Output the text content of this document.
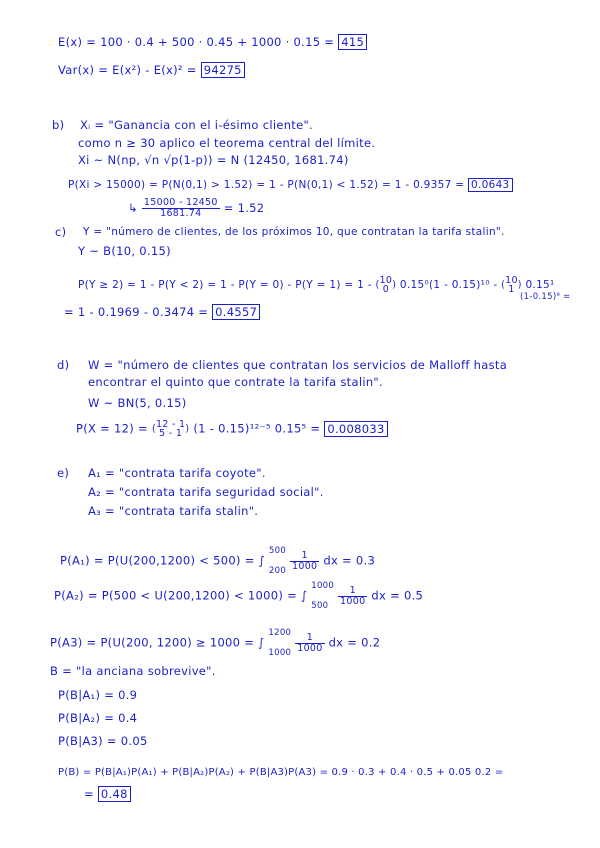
E(x) = 100 · 0.4 + 500 · 0.45 + 1000 · 0.15 = 415
Var(x) = E(x²) - E(x)² = 94275
b) Xᵢ = "Ganancia con el i-ésimo cliente".
como n ≥ 30 aplico el teorema central del límite.
Xi ~ N(np, √n √p(1-p)) = N (12450, 1681.74)
P(Xi > 15000) = P(N(0,1) > 1.52) = 1 - P(N(0,1) < 1.52) = 1 - 0.9357 = 0.0643
↳ $\frac{15000 - 12450}{1681.74} = 1.52$
c) Y = "número de clientes, de los próximos 10, que contratan la tarifa stalin".
Y ~ B(10, 0.15)
P(Y ≥ 2) = 1 - P(Y < 2) = 1 - P(Y = 0) - P(Y = 1) = 1 - ( 10
0 ) 0.15⁰(1 - 0.15)¹⁰ - ( 10
1 ) 0.15¹
(1-0.15)⁹ =
= 1 - 0.1969 - 0.3474 = 0.4557
d) W = "número de clientes que contratan los servicios de Malloff hasta
encontrar el quinto que contrate la tarifa stalin".
W ~ BN(5, 0.15)
P(X = 12) = ( 12 - 1
5 - 1 ) (1 - 0.15)¹²⁻⁵ 0.15⁵ = 0.008033
e) A₁ = "contrata tarifa coyote".
A₂ = "contrata tarifa seguridad social".
A₃ = "contrata tarifa stalin".
P(A₁) = P(U(200,1200) < 500) = ∫
500
200
$\frac{1}{1000}$ dx = 0.3
P(A₂) = P(500 < U(200,1200) < 1000) = ∫
1000
500
	$\frac{1}{1000}$ dx = 0.5
P(A3) = P(U(200, 1200) ≥ 1000 = ∫
1200
1000
$\frac{1}{1000}$ dx = 0.2
B = "la anciana sobrevive".
P(B|A₁) = 0.9
P(B|A₂) = 0.4
P(B|A3) = 0.05
P(B) = P(B|A₁)P(A₁) + P(B|A₂)P(A₂) + P(B|A3)P(A3) = 0.9 · 0.3 + 0.4 · 0.5 + 0.05 0.2 =
= 0.48
